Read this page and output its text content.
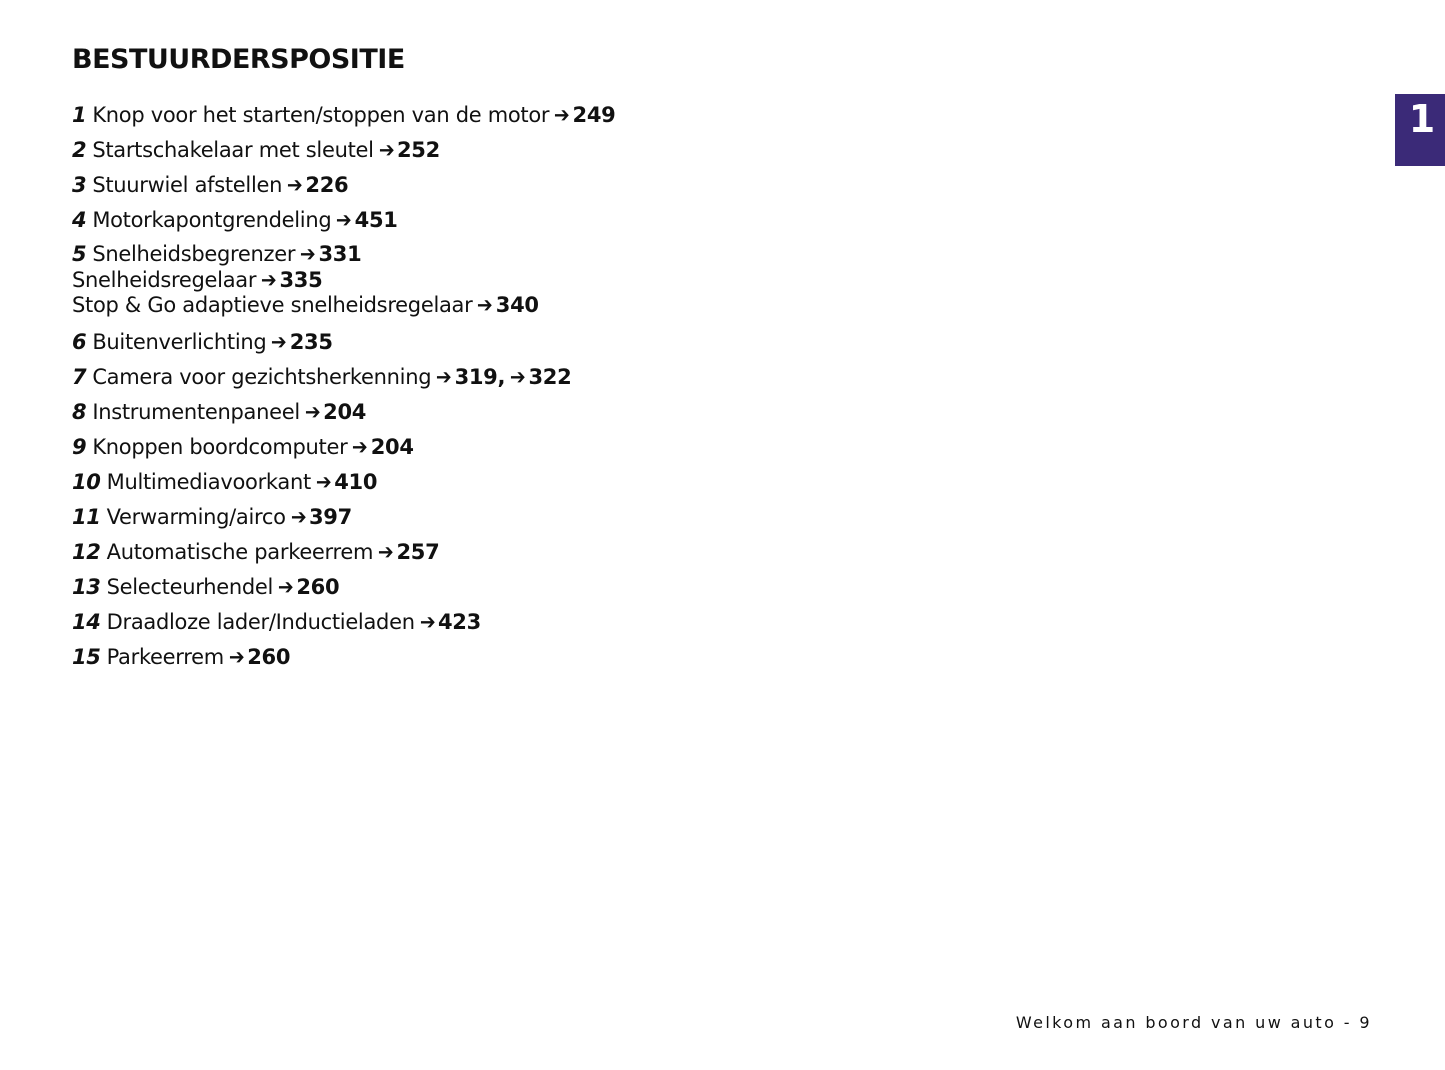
BESTUURDERSPOSITIE
1
1 Knop voor het starten/stoppen van de motor ➔ 249
2 Startschakelaar met sleutel ➔ 252
3 Stuurwiel afstellen ➔ 226
4 Motorkapontgrendeling ➔ 451
5 Snelheidsbegrenzer ➔ 331
Snelheidsregelaar ➔ 335
Stop & Go adaptieve snelheidsregelaar ➔ 340
6 Buitenverlichting ➔ 235
7 Camera voor gezichtsherkenning ➔ 319, ➔ 322
8 Instrumentenpaneel ➔ 204
9 Knoppen boordcomputer ➔ 204
10 Multimediavoorkant ➔ 410
11 Verwarming/airco ➔ 397
12 Automatische parkeerrem ➔ 257
13 Selecteurhendel ➔ 260
14 Draadloze lader/Inductieladen ➔ 423
15 Parkeerrem ➔ 260
Welkom aan boord van uw auto - 9
